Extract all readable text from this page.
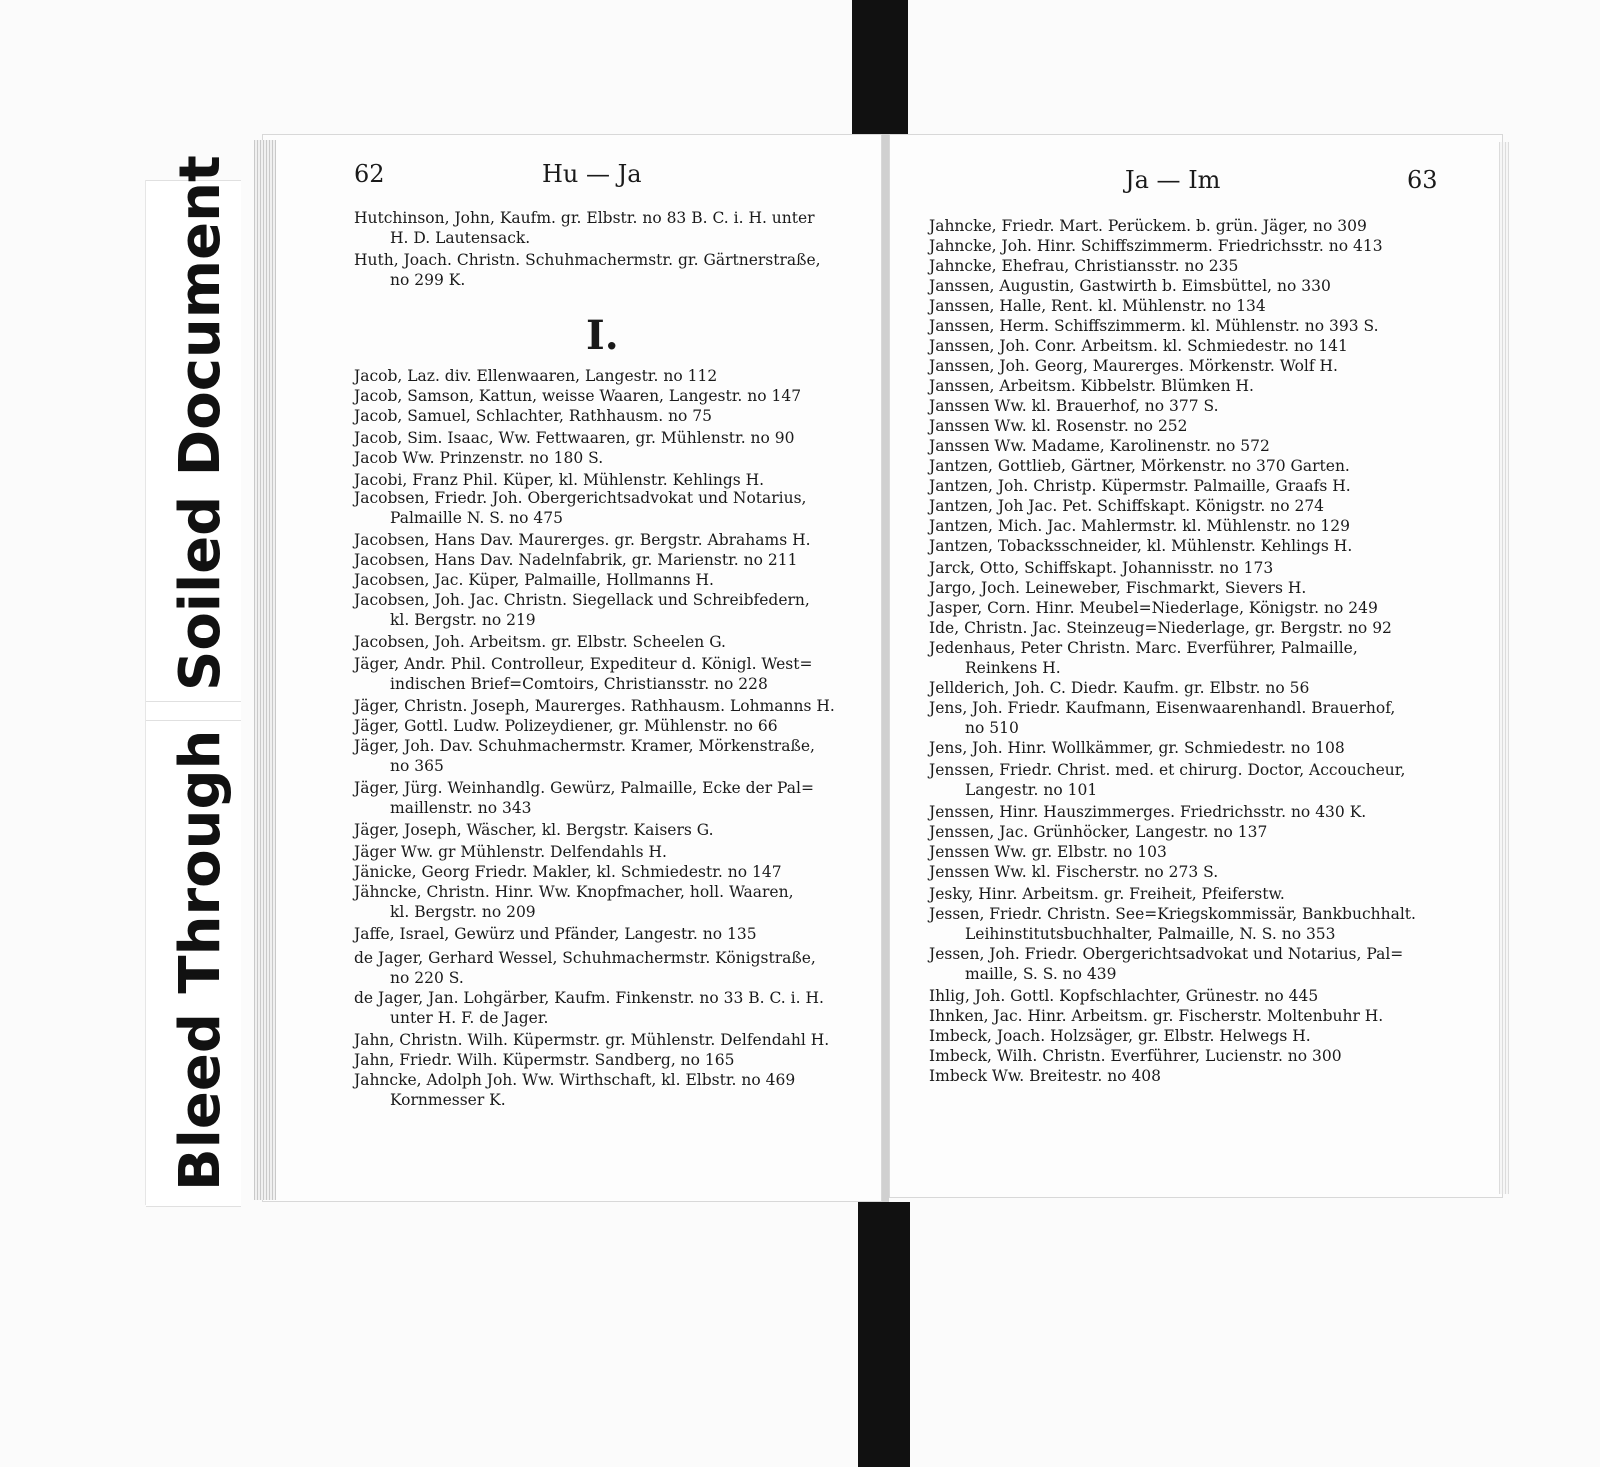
Soiled Document
Bleed Through
62	Hu — Ja
Hutchinson, John, Kaufm. gr. Elbstr. no 83 B. C. i. H. unter
H. D. Lautensack.
Huth, Joach. Christn. Schuhmachermstr. gr. Gärtnerstraße,
no 299 K.
Jacob, Laz. div. Ellenwaaren, Langestr. no 112
Jacob, Samson, Kattun, weisse Waaren, Langestr. no 147
Jacob, Samuel, Schlachter, Rathhausm. no 75
Jacob, Sim. Isaac, Ww. Fettwaaren, gr. Mühlenstr. no 90
Jacob Ww. Prinzenstr. no 180 S.
Jacobi, Franz Phil. Küper, kl. Mühlenstr. Kehlings H.
Jacobsen, Friedr. Joh. Obergerichtsadvokat und Notarius,
Palmaille N. S. no 475
Jacobsen, Hans Dav. Maurerges. gr. Bergstr. Abrahams H.
Jacobsen, Hans Dav. Nadelnfabrik, gr. Marienstr. no 211
Jacobsen, Jac. Küper, Palmaille, Hollmanns H.
Jacobsen, Joh. Jac. Christn. Siegellack und Schreibfedern,
kl. Bergstr. no 219
Jacobsen, Joh. Arbeitsm. gr. Elbstr. Scheelen G.
Jäger, Andr. Phil. Controlleur, Expediteur d. Königl. West=
indischen Brief=Comtoirs, Christiansstr. no 228
Jäger, Christn. Joseph, Maurerges. Rathhausm. Lohmanns H.
Jäger, Gottl. Ludw. Polizeydiener, gr. Mühlenstr. no 66
Jäger, Joh. Dav. Schuhmachermstr. Kramer, Mörkenstraße,
no 365
Jäger, Jürg. Weinhandlg. Gewürz, Palmaille, Ecke der Pal=
maillenstr. no 343
Jäger, Joseph, Wäscher, kl. Bergstr. Kaisers G.
Jäger Ww. gr Mühlenstr. Delfendahls H.
Jänicke, Georg Friedr. Makler, kl. Schmiedestr. no 147
Jähncke, Christn. Hinr. Ww. Knopfmacher, holl. Waaren,
kl. Bergstr. no 209
Jaffe, Israel, Gewürz und Pfänder, Langestr. no 135
de Jager, Gerhard Wessel, Schuhmachermstr. Königstraße,
no 220 S.
de Jager, Jan. Lohgärber, Kaufm. Finkenstr. no 33 B. C. i. H.
unter H. F. de Jager.
Jahn, Christn. Wilh. Küpermstr. gr. Mühlenstr. Delfendahl H.
Jahn, Friedr. Wilh. Küpermstr. Sandberg, no 165
Jahncke, Adolph Joh. Ww. Wirthschaft, kl. Elbstr. no 469
Kornmesser K.
I.
Ja — Im	63
Jahncke, Friedr. Mart. Perückem. b. grün. Jäger, no 309
Jahncke, Joh. Hinr. Schiffszimmerm. Friedrichsstr. no 413
Jahncke, Ehefrau, Christiansstr. no 235
Janssen, Augustin, Gastwirth b. Eimsbüttel, no 330
Janssen, Halle, Rent. kl. Mühlenstr. no 134
Janssen, Herm. Schiffszimmerm. kl. Mühlenstr. no 393 S.
Janssen, Joh. Conr. Arbeitsm. kl. Schmiedestr. no 141
Janssen, Joh. Georg, Maurerges. Mörkenstr. Wolf H.
Janssen, Arbeitsm. Kibbelstr. Blümken H.
Janssen Ww. kl. Brauerhof, no 377 S.
Janssen Ww. kl. Rosenstr. no 252
Janssen Ww. Madame, Karolinenstr. no 572
Jantzen, Gottlieb, Gärtner, Mörkenstr. no 370 Garten.
Jantzen, Joh. Christp. Küpermstr. Palmaille, Graafs H.
Jantzen, Joh Jac. Pet. Schiffskapt. Königstr. no 274
Jantzen, Mich. Jac. Mahlermstr. kl. Mühlenstr. no 129
Jantzen, Tobacksschneider, kl. Mühlenstr. Kehlings H.
Jarck, Otto, Schiffskapt. Johannisstr. no 173
Jargo, Joch. Leineweber, Fischmarkt, Sievers H.
Jasper, Corn. Hinr. Meubel=Niederlage, Königstr. no 249
Ide, Christn. Jac. Steinzeug=Niederlage, gr. Bergstr. no 92
Jedenhaus, Peter Christn. Marc. Everführer, Palmaille,
Reinkens H.
Jellderich, Joh. C. Diedr. Kaufm. gr. Elbstr. no 56
Jens, Joh. Friedr. Kaufmann, Eisenwaarenhandl. Brauerhof,
no 510
Jens, Joh. Hinr. Wollkämmer, gr. Schmiedestr. no 108
Jenssen, Friedr. Christ. med. et chirurg. Doctor, Accoucheur,
Langestr. no 101
Jenssen, Hinr. Hauszimmerges. Friedrichsstr. no 430 K.
Jenssen, Jac. Grünhöcker, Langestr. no 137
Jenssen Ww. gr. Elbstr. no 103
Jenssen Ww. kl. Fischerstr. no 273 S.
Jesky, Hinr. Arbeitsm. gr. Freiheit, Pfeiferstw.
Jessen, Friedr. Christn. See=Kriegskommissär, Bankbuchhalt.
Leihinstitutsbuchhalter, Palmaille, N. S. no 353
Jessen, Joh. Friedr. Obergerichtsadvokat und Notarius, Pal=
maille, S. S. no 439
Ihlig, Joh. Gottl. Kopfschlachter, Grünestr. no 445
Ihnken, Jac. Hinr. Arbeitsm. gr. Fischerstr. Moltenbuhr H.
Imbeck, Joach. Holzsäger, gr. Elbstr. Helwegs H.
Imbeck, Wilh. Christn. Everführer, Lucienstr. no 300
Imbeck Ww. Breitestr. no 408
